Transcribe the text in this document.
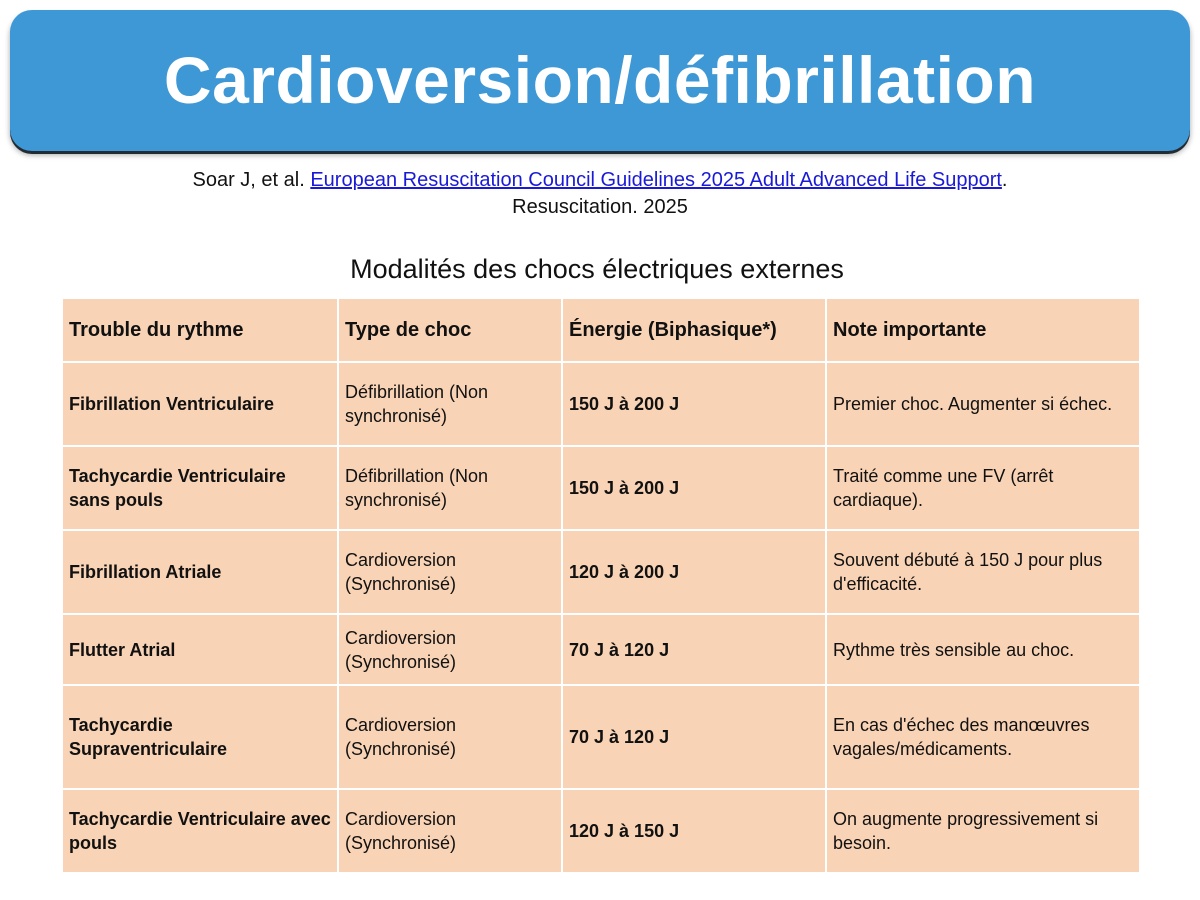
Cardioversion/défibrillation
Soar J, et al. European Resuscitation Council Guidelines 2025 Adult Advanced Life Support.
Resuscitation. 2025
Modalités des chocs électriques externes
Trouble du rythme	Type de choc	Énergie (Biphasique*)	Note importante
Fibrillation Ventriculaire	Défibrillation (Non synchronisé)	150 J à 200 J	Premier choc. Augmenter si échec.
Tachycardie Ventriculaire sans pouls	Défibrillation (Non synchronisé)	150 J à 200 J	Traité comme une FV (arrêt cardiaque).
Fibrillation Atriale	Cardioversion (Synchronisé)	120 J à 200 J	Souvent débuté à 150 J pour plus d'efficacité.
Flutter Atrial	Cardioversion (Synchronisé)	70 J à 120 J	Rythme très sensible au choc.
Tachycardie Supraventriculaire	Cardioversion (Synchronisé)	70 J à 120 J	En cas d'échec des manœuvres vagales/médicaments.
Tachycardie Ventriculaire avec pouls	Cardioversion (Synchronisé)	120 J à 150 J	On augmente progressivement si besoin.
